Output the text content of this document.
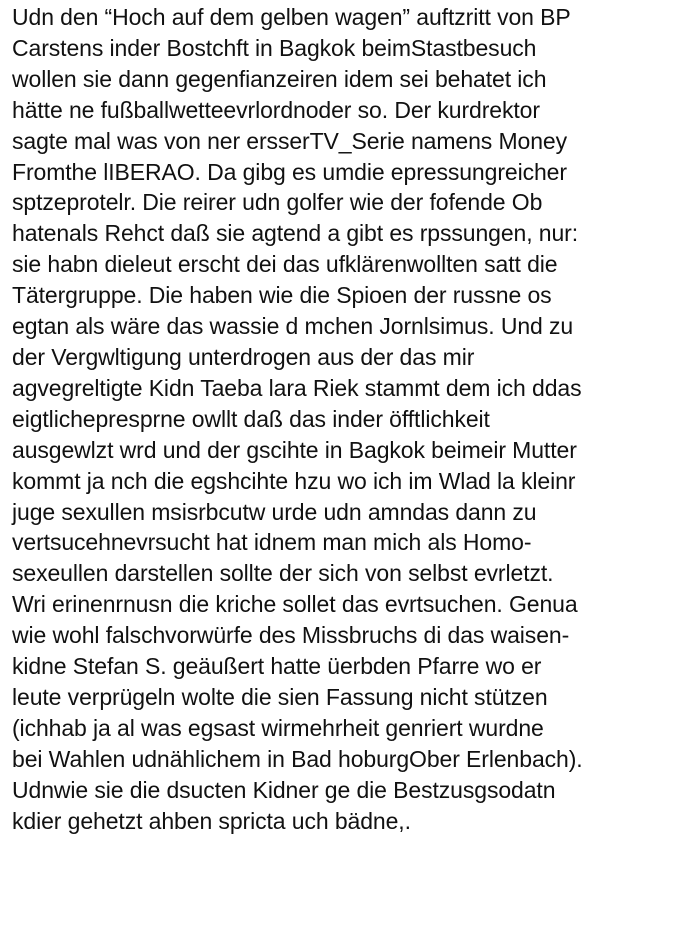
Udn den “Hoch auf dem gelben wagen” auftzritt von BP
Carstens inder Bostchft in Bagkok beimStastbesuch
wollen sie dann gegenfianzeiren idem sei behatet ich
hätte ne fußballwetteevrlordnoder so. Der kurdrektor
sagte mal was von ner ersserTV_Serie namens Money
Fromthe lIBERAO. Da gibg es umdie epressungreicher
sptzeprotelr. Die reirer udn golfer wie der fofende Ob
hatenals Rehct daß sie agtend a gibt es rpssungen, nur:
sie habn dieleut erscht dei das ufklärenwollten satt die
Tätergruppe. Die haben wie die Spioen der russne os
egtan als wäre das wassie d mchen Jornlsimus. Und zu
der Vergwltigung unterdrogen aus der das mir
agvegreltigte Kidn Taeba lara Riek stammt dem ich ddas
eigtlichepresprne owllt daß das inder öfftlichkeit
ausgewlzt wrd und der gscihte in Bagkok beimeir Mutter
kommt ja nch die egshcihte hzu wo ich im Wlad la kleinr
juge sexullen msisrbcutw urde udn amndas dann zu
vertsucehnevrsucht hat idnem man mich als Homo-
sexeullen darstellen sollte der sich von selbst evrletzt.
Wri erinenrnusn die kriche sollet das evrtsuchen. Genua
wie wohl falschvorwürfe des Missbruchs di das waisen-
kidne Stefan S. geäußert hatte üerbden Pfarre wo er
leute verprügeln wolte die sien Fassung nicht stützen
(ichhab ja al was egsast wirmehrheit genriert wurdne
bei Wahlen udnählichem in Bad hoburgOber Erlenbach).
Udnwie sie die dsucten Kidner ge die Bestzusgsodatn
kdier gehetzt ahben spricta uch bädne,.
